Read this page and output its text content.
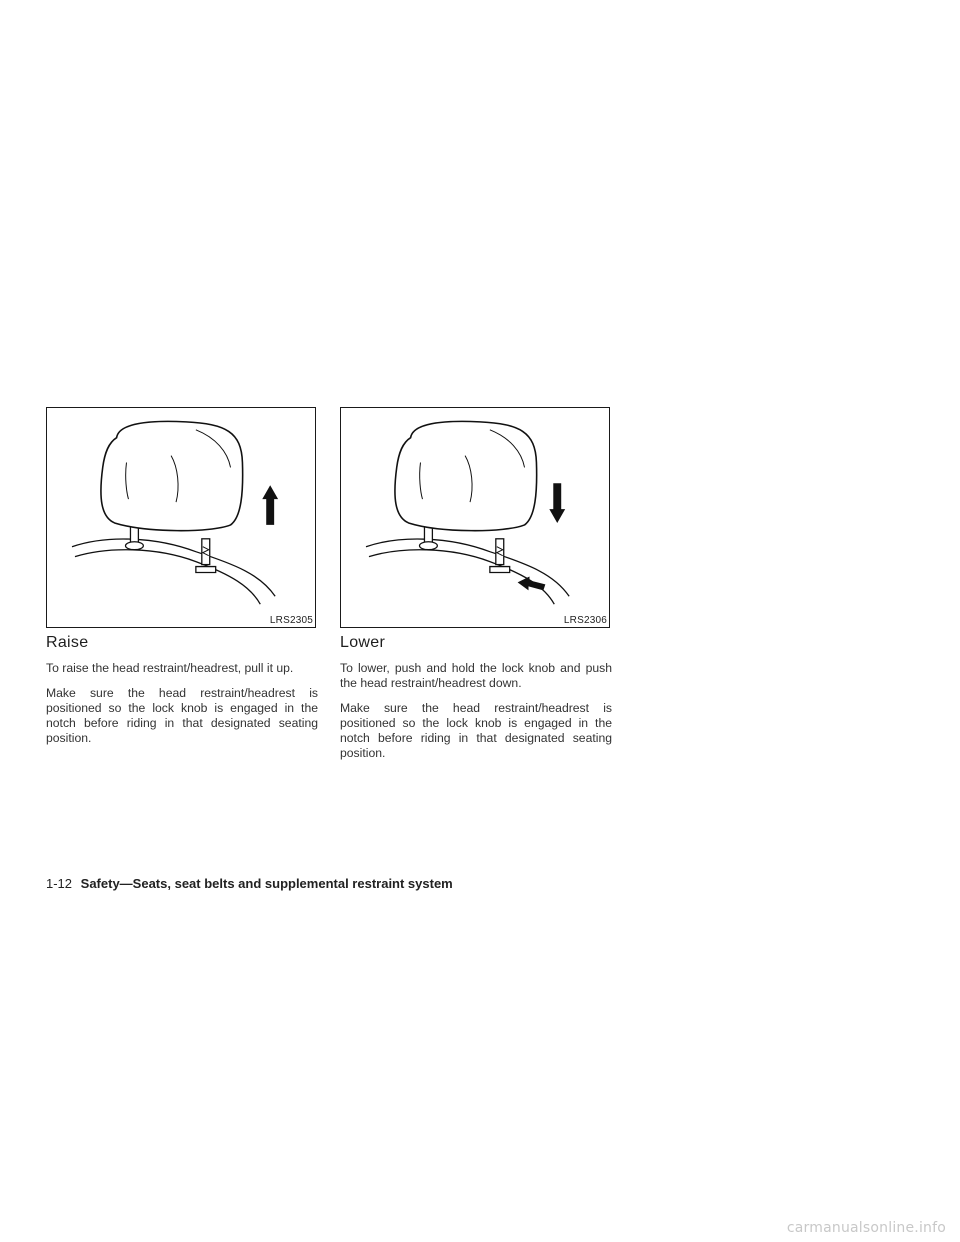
LRS2305	LRS2306
Raise

To raise the head restraint/headrest, pull it up.

Make sure the head restraint/headrest is positioned so the lock knob is engaged in the notch before riding in that designated seating position.

Lower

To lower, push and hold the lock knob and push the head restraint/headrest down.

Make sure the head restraint/headrest is positioned so the lock knob is engaged in the notch before riding in that designated seating position.

1-12 Safety—Seats, seat belts and supplemental restraint system
carmanualsonline.info
